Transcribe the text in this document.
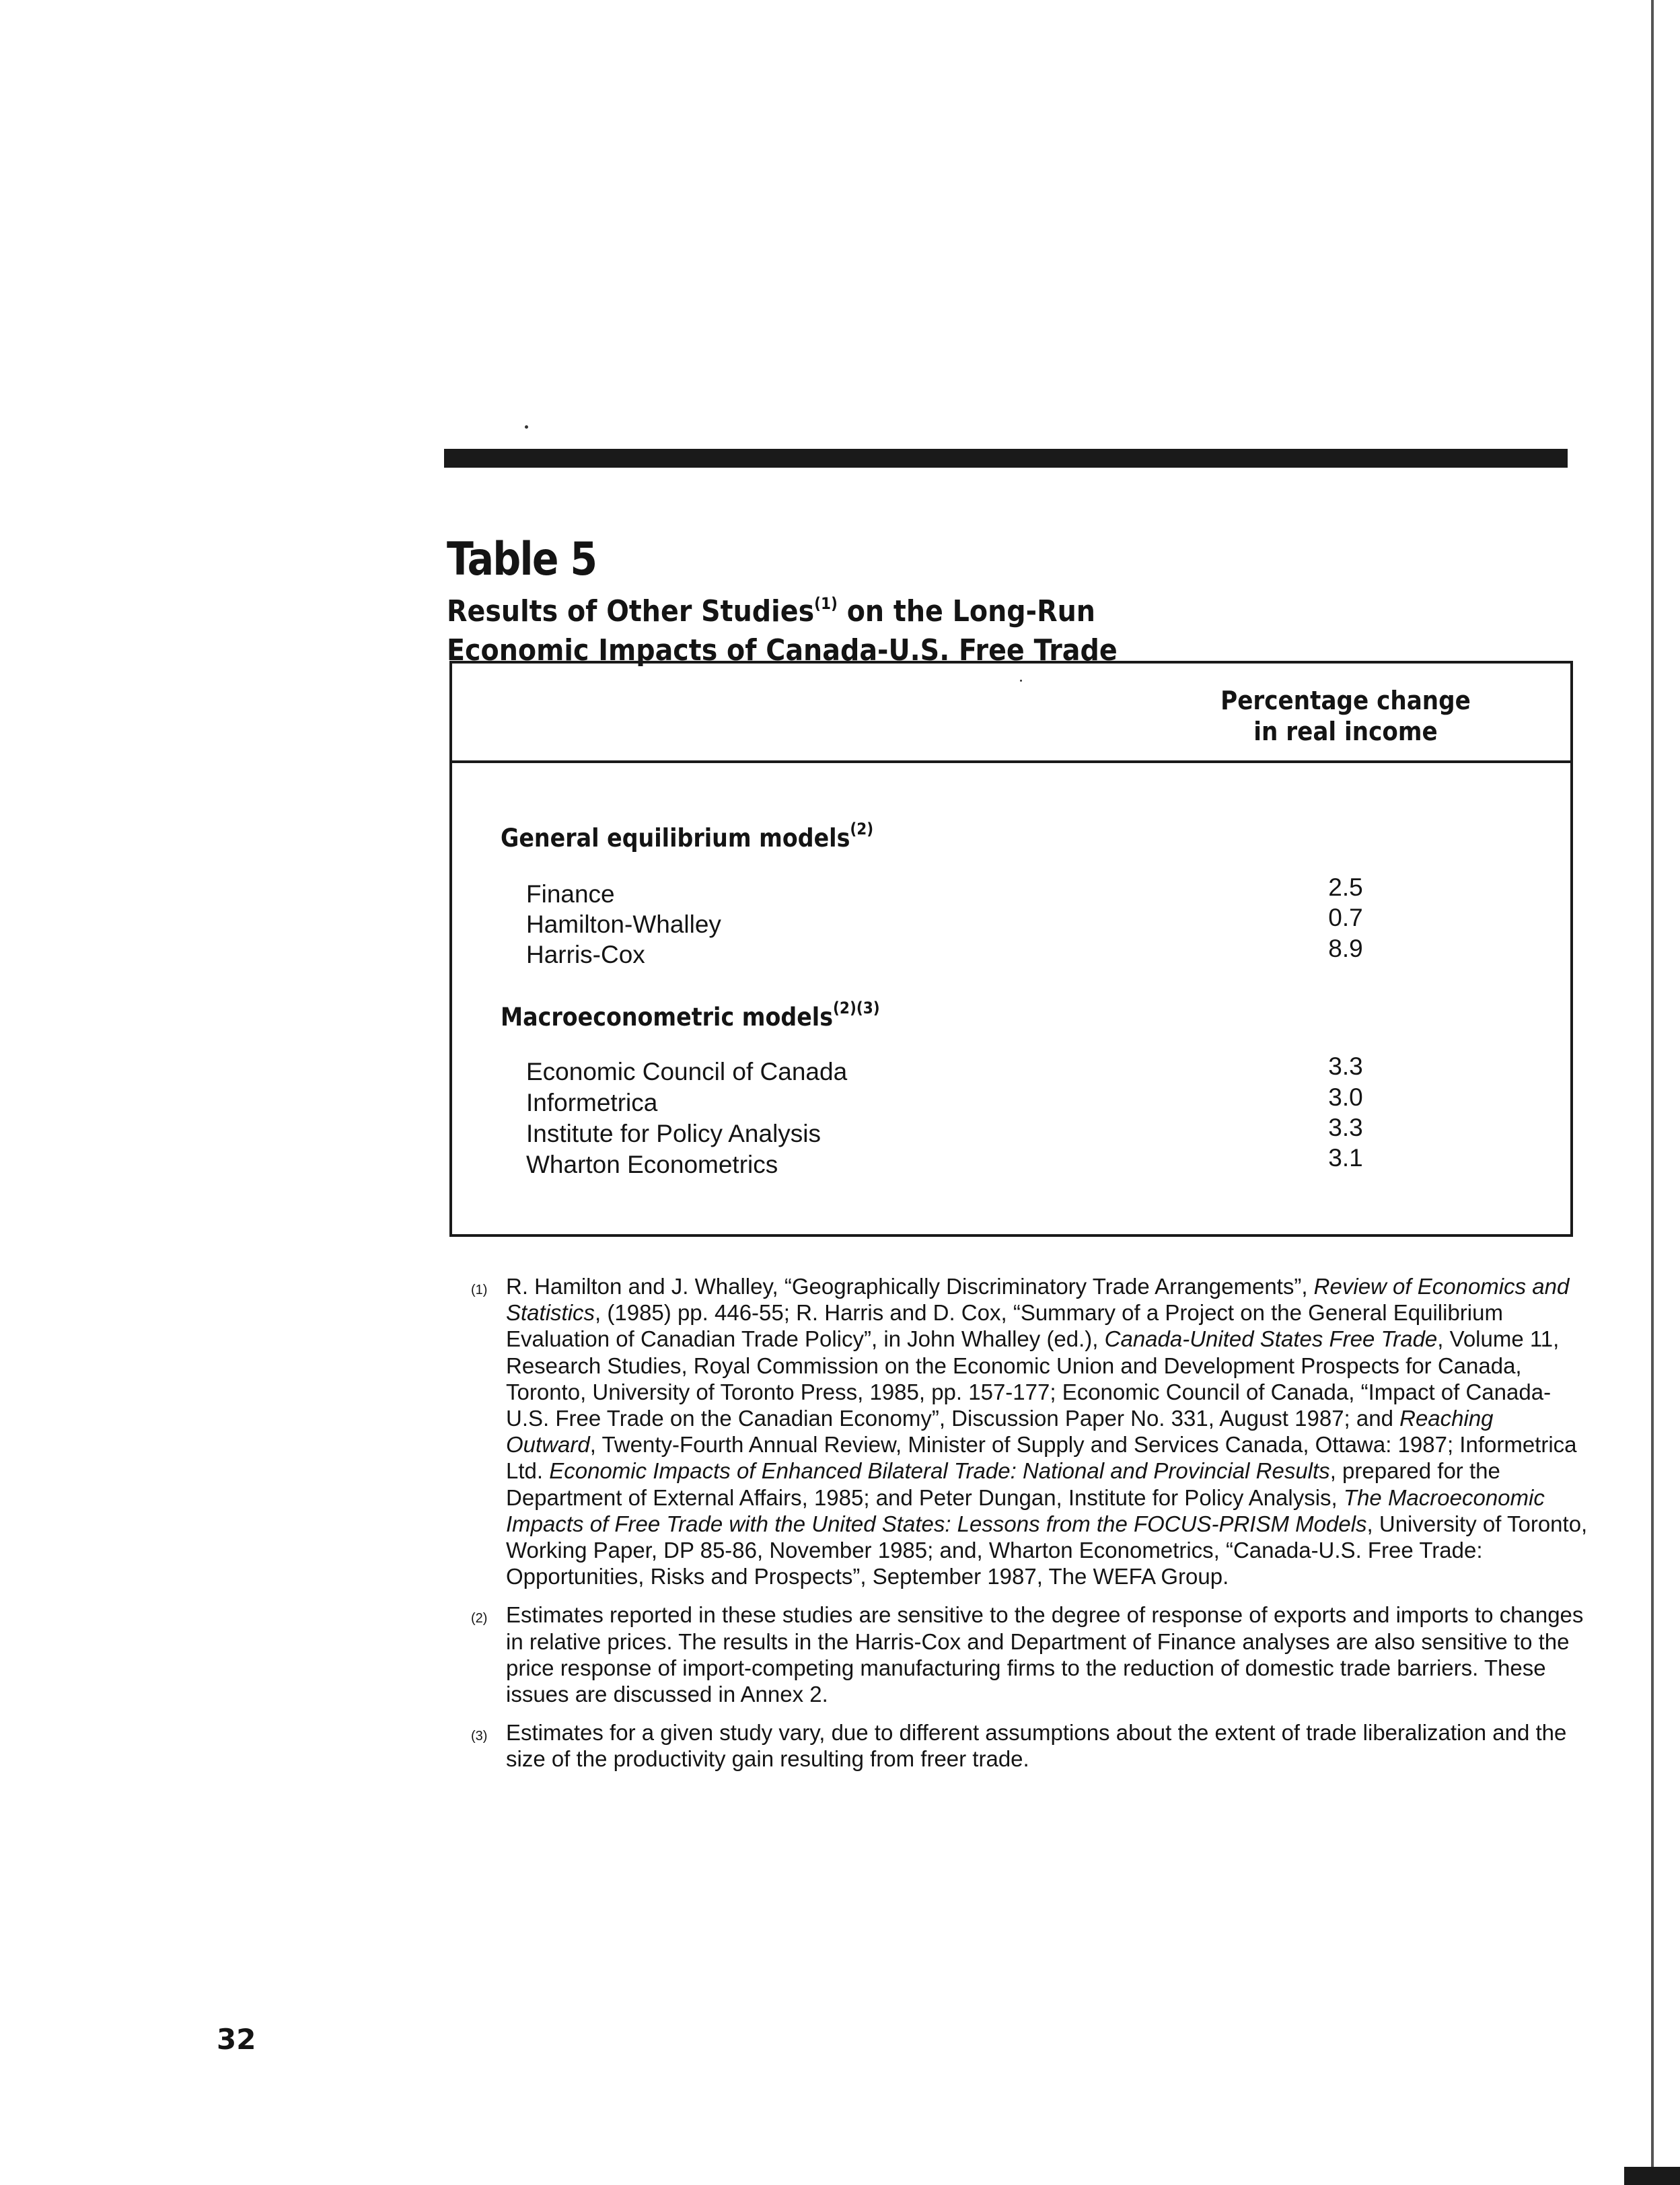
Table 5
Results of Other Studies$^{(1)}$ on the Long-Run Economic Impacts of Canada-U.S. Free Trade
Percentage change
in real income
General equilibrium models$^{(2)}$
Finance	2.5
Hamilton-Whalley	0.7
Harris-Cox	8.9
Macroeconometric models$^{(2)(3)}$
Economic Council of Canada	3.3
Informetrica	3.0
Institute for Policy Analysis	3.3
Wharton Econometrics	3.1
(1) R. Hamilton and J. Whalley, “Geographically Discriminatory Trade Arrangements”, Review of Economics and Statistics, (1985) pp. 446-55; R. Harris and D. Cox, “Summary of a Project on the General Equilibrium Evaluation of Canadian Trade Policy”, in John Whalley (ed.), Canada-United States Free Trade, Volume 11, Research Studies, Royal Commission on the Economic Union and Development Prospects for Canada, Toronto, University of Toronto Press, 1985, pp. 157-177; Economic Council of Canada, “Impact of Canada-U.S. Free Trade on the Canadian Economy”, Discussion Paper No. 331, August 1987; and Reaching Outward, Twenty-Fourth Annual Review, Minister of Supply and Services Canada, Ottawa: 1987; Informetrica Ltd. Economic Impacts of Enhanced Bilateral Trade: National and Provincial Results, prepared for the Department of External Affairs, 1985; and Peter Dungan, Institute for Policy Analysis, The Macroeconomic Impacts of Free Trade with the United States: Lessons from the FOCUS-PRISM Models, University of Toronto, Working Paper, DP 85-86, November 1985; and, Wharton Econometrics, “Canada-U.S. Free Trade: Opportunities, Risks and Prospects”, September 1987, The WEFA Group.
(2) Estimates reported in these studies are sensitive to the degree of response of exports and imports to changes in relative prices. The results in the Harris-Cox and Department of Finance analyses are also sensitive to the price response of import-competing manufacturing firms to the reduction of domestic trade barriers. These issues are discussed in Annex 2.
(3) Estimates for a given study vary, due to different assumptions about the extent of trade liberalization and the size of the productivity gain resulting from freer trade.
32
